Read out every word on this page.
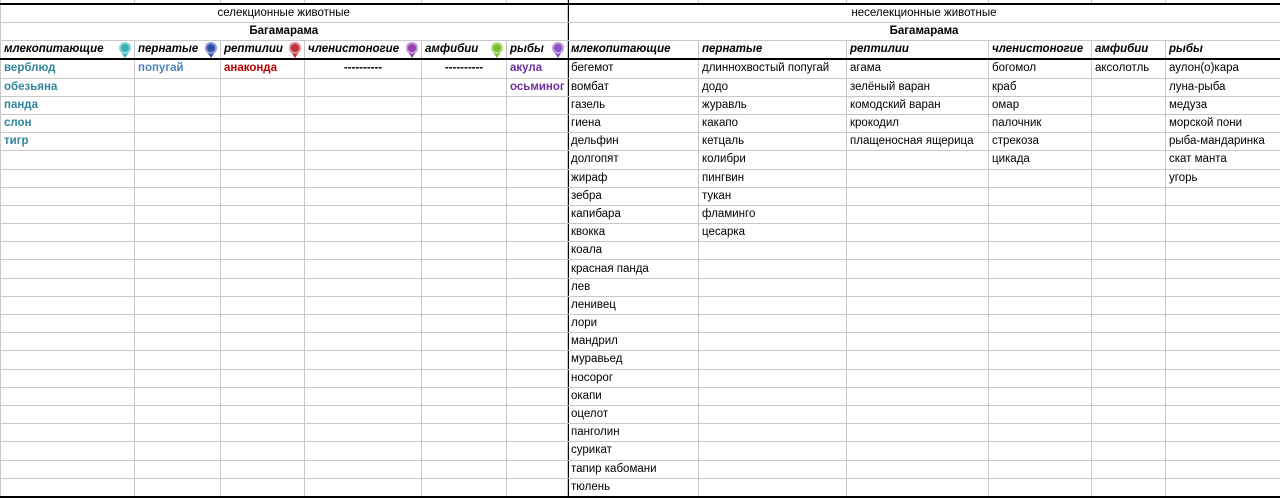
селекционные животные					
Багамарама					
млекопитающие	пернатые	рептилии	членистоногие	амфибии	рыбы

верблюд	попугай	анаконда	----------	----------	акула
обезьяна					осьминог
панда					
слон					
тигр					

неселекционные животные					
Багамарама					
млекопитающие	пернатые	рептилии	членистоногие	амфибии	рыбы
бегемот	длиннохвостый попугай	агама	богомол	аксолотль	аулон(о)кара
вомбат	додо	зелёный варан	краб		луна-рыба
газель	журавль	комодский варан	омар		медуза
гиена	какапо	крокодил	палочник		морской пони
дельфин	кетцаль	плащеносная ящерица	стрекоза		рыба-мандаринка
долгопят	колибри		цикада		скат манта
жираф	пингвин				угорь
зебра	тукан				
капибара	фламинго				
квокка	цесарка				
коала					
красная панда					
лев					
ленивец					
лори					
мандрил					
муравьед					
носорог					
окапи					
оцелот					
панголин					
сурикат					
тапир кабомани					
тюлень					
